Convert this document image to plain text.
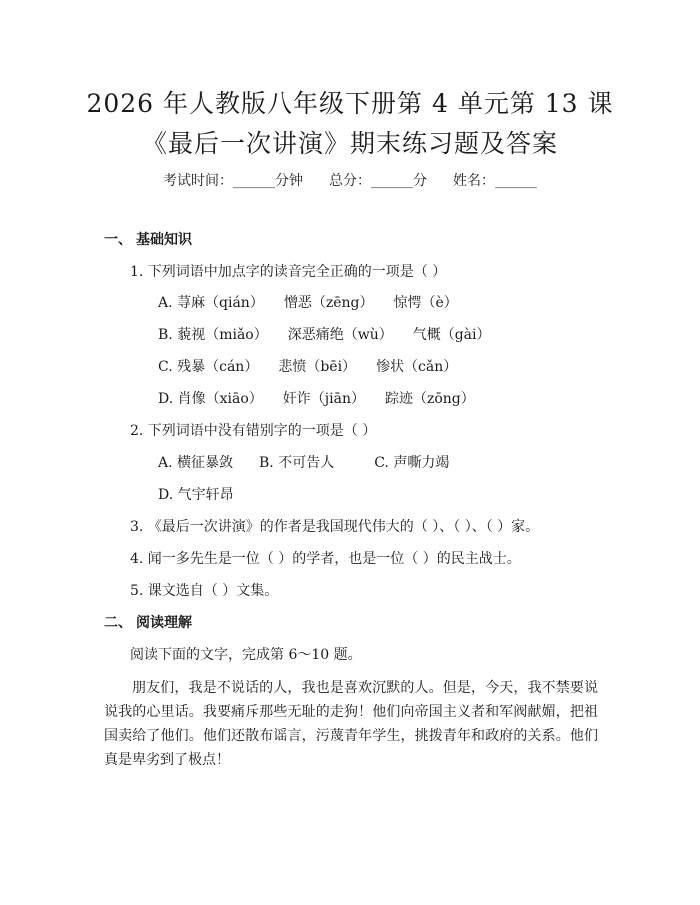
2026 年人教版八年级下册第 4 单元第 13 课
《最后一次讲演》期末练习题及答案
考试时间：______分钟 总分：______分 姓名：______
一、 基础知识
1. 下列词语中加点字的读音完全正确的一项是（ ）
A. 荨麻（qián） 憎恶（zēng） 惊愕（è）
B. 藐视（miǎo） 深恶痛绝（wù） 气概（gài）
C. 残暴（cán） 悲愤（bēi） 惨状（cǎn）
D. 肖像（xiāo） 奸诈（jiān） 踪迹（zōng）
2. 下列词语中没有错别字的一项是（ ）
A. 横征暴敛 B. 不可告人	C. 声嘶力竭
D. 气宇轩昂
3. 《最后一次讲演》的作者是我国现代伟大的（ ）、（ ）、（ ）家。
4. 闻一多先生是一位（ ）的学者，也是一位（ ）的民主战士。
5. 课文选自（ ）文集。
二、 阅读理解
阅读下面的文字，完成第 6～10 题。
朋友们，我是不说话的人，我也是喜欢沉默的人。但是，今天，我不禁要说说我的心里话。我要痛斥那些无耻的走狗！他们向帝国主义者和军阀献媚，把祖国卖给了他们。他们还散布谣言，污蔑青年学生，挑拨青年和政府的关系。他们真是卑劣到了极点！
